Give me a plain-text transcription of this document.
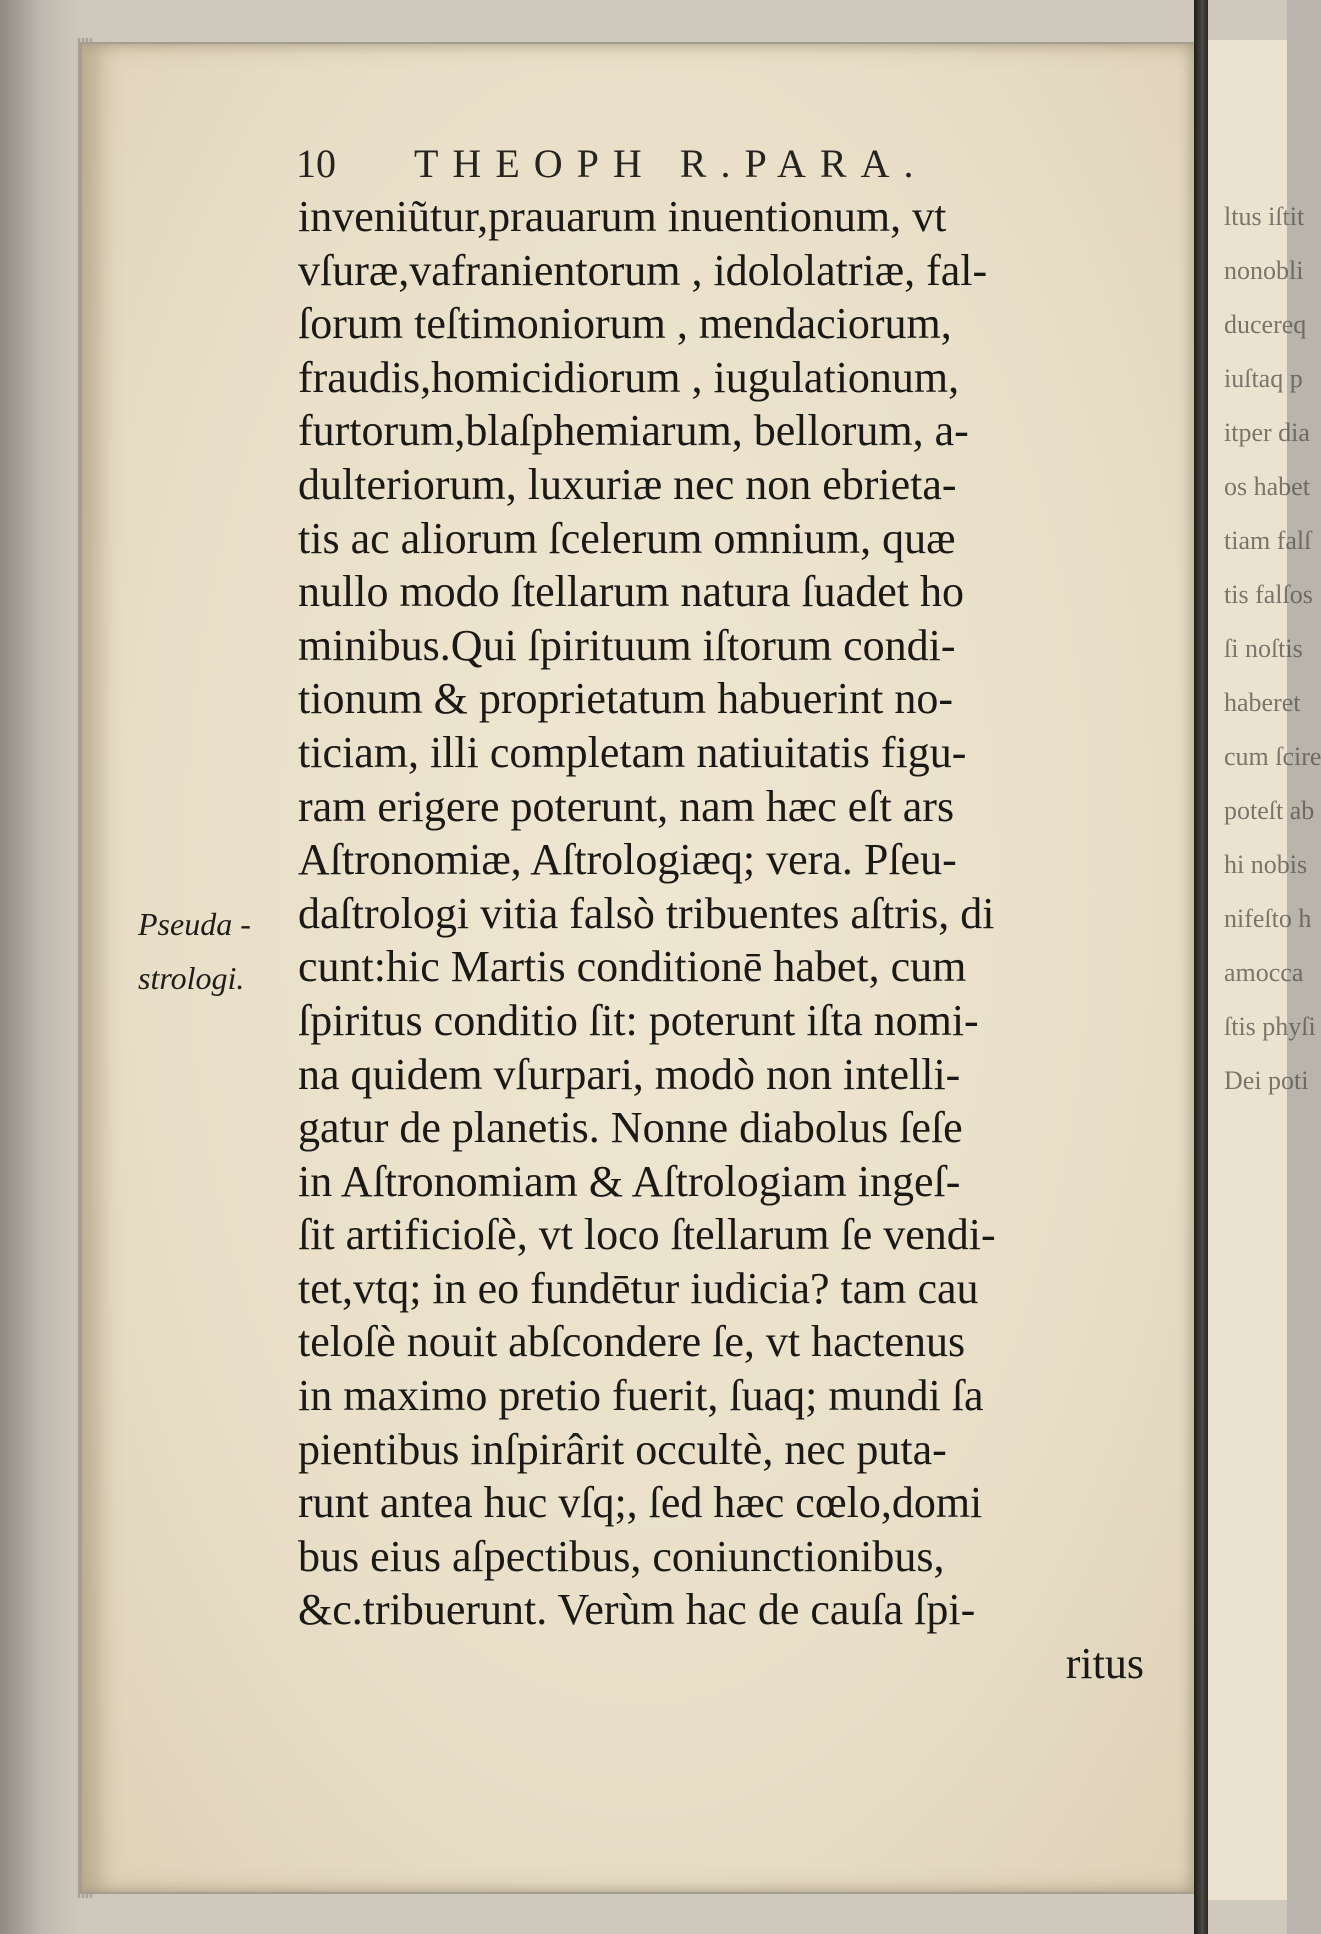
10 THEOPH R.PARA.
Pseuda -
strologi.
inveniũtur,prauarum inuentionum, vt
vſuræ,vafranientorum , idololatriæ, fal-
ſorum teſtimoniorum , mendaciorum,
fraudis,homicidiorum , iugulationum,
furtorum,blaſphemiarum, bellorum, a-
dulteriorum, luxuriæ nec non ebrieta-
tis ac aliorum ſcelerum omnium, quæ
nullo modo ſtellarum natura ſuadet ho
minibus.Qui ſpirituum iſtorum condi-
tionum & proprietatum habuerint no-
ticiam, illi completam natiuitatis figu-
ram erigere poterunt, nam hæc eſt ars
Aſtronomiæ, Aſtrologiæq; vera. Pſeu-
daſtrologi vitia falsò tribuentes aſtris, di
cunt:hic Martis conditionē habet, cum
ſpiritus conditio ſit: poterunt iſta nomi-
na quidem vſurpari, modò non intelli-
gatur de planetis. Nonne diabolus ſeſe
in Aſtronomiam & Aſtrologiam ingeſ-
ſit artificioſè, vt loco ſtellarum ſe vendi-
tet,vtq; in eo fundētur iudicia? tam cau
teloſè nouit abſcondere ſe, vt hactenus
in maximo pretio fuerit, ſuaq; mundi ſa
pientibus inſpirârit occultè, nec puta-
runt antea huc vſq;, ſed hæc cœlo,domi
bus eius aſpectibus, coniunctionibus,
&c.tribuerunt. Verùm hac de cauſa ſpi-
ritus
ltus iſtit
nonobli
ducereq
iuſtaq p
itper dia
os habet
tiam falſ
tis falſos
ſi noſtis
haberet
cum ſcire
poteſt ab
hi nobis
nifeſto h
amocca
ſtis phyſi
Dei poti
